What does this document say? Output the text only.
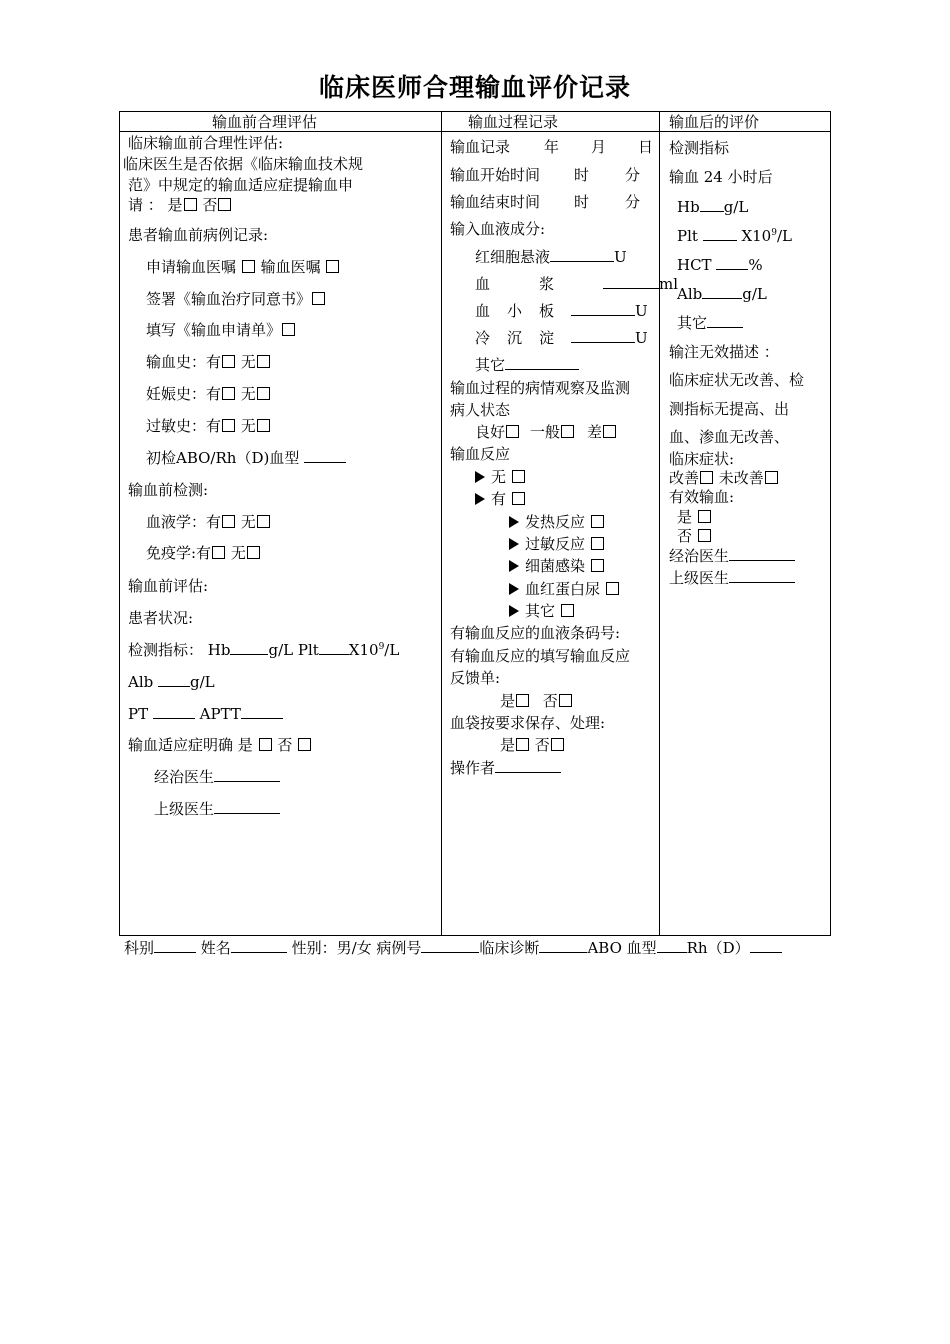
临床医师合理输血评价记录
输血前合理评估	输血过程记录	输血后的评价
临床输血前合理性评估:
临床医生是否依据《临床输血技术规
范》中规定的输血适应症提输血申
请 ： 是 否
患者输血前病例记录:
申请输血医嘱  输血医嘱
签署《输血治疗同意书》
填写《输血申请单》
输血史：有 无
妊娠史：有 无
过敏史：有 无
初检ABO/Rh（D)血型
输血前检测:
血液学：有 无
免疫学:有 无
输血前评估:
患者状况:
检测指标： Hb	g/L Plt $X10^9/L$
Alb g/L
PT	APTT
输血适应症明确 是  否
经治医生
上级医生
输血记录 年 月 日
输血开始时间 时 分
输血结束时间 时 分
输入血液成分:
红细胞悬液	U
血浆	ml
血小板	U
冷沉淀	U
其它
输血过程的病情观察及监测
病人状态
良好 一般 差
输血反应
无
有
发热反应
过敏反应
细菌感染
血红蛋白尿
其它
有输血反应的血液条码号:
有输血反应的填写输血反应
反馈单:
是 否
血袋按要求保存、处理:
是 否
操作者
检测指标
输血 24 小时后
Hb g/L
Plt  $X10^9/L$
HCT %
Alb	g/L
其它
输注无效描述 ：
临床症状无改善、检
测指标无提高、出
血、渗血无改善、
临床症状:
改善 未改善
有效输血:
是
否
经治医生
上级医生
科别	姓名	性别：男/女 病例号	临床诊断	ABO 血型 Rh（D）
